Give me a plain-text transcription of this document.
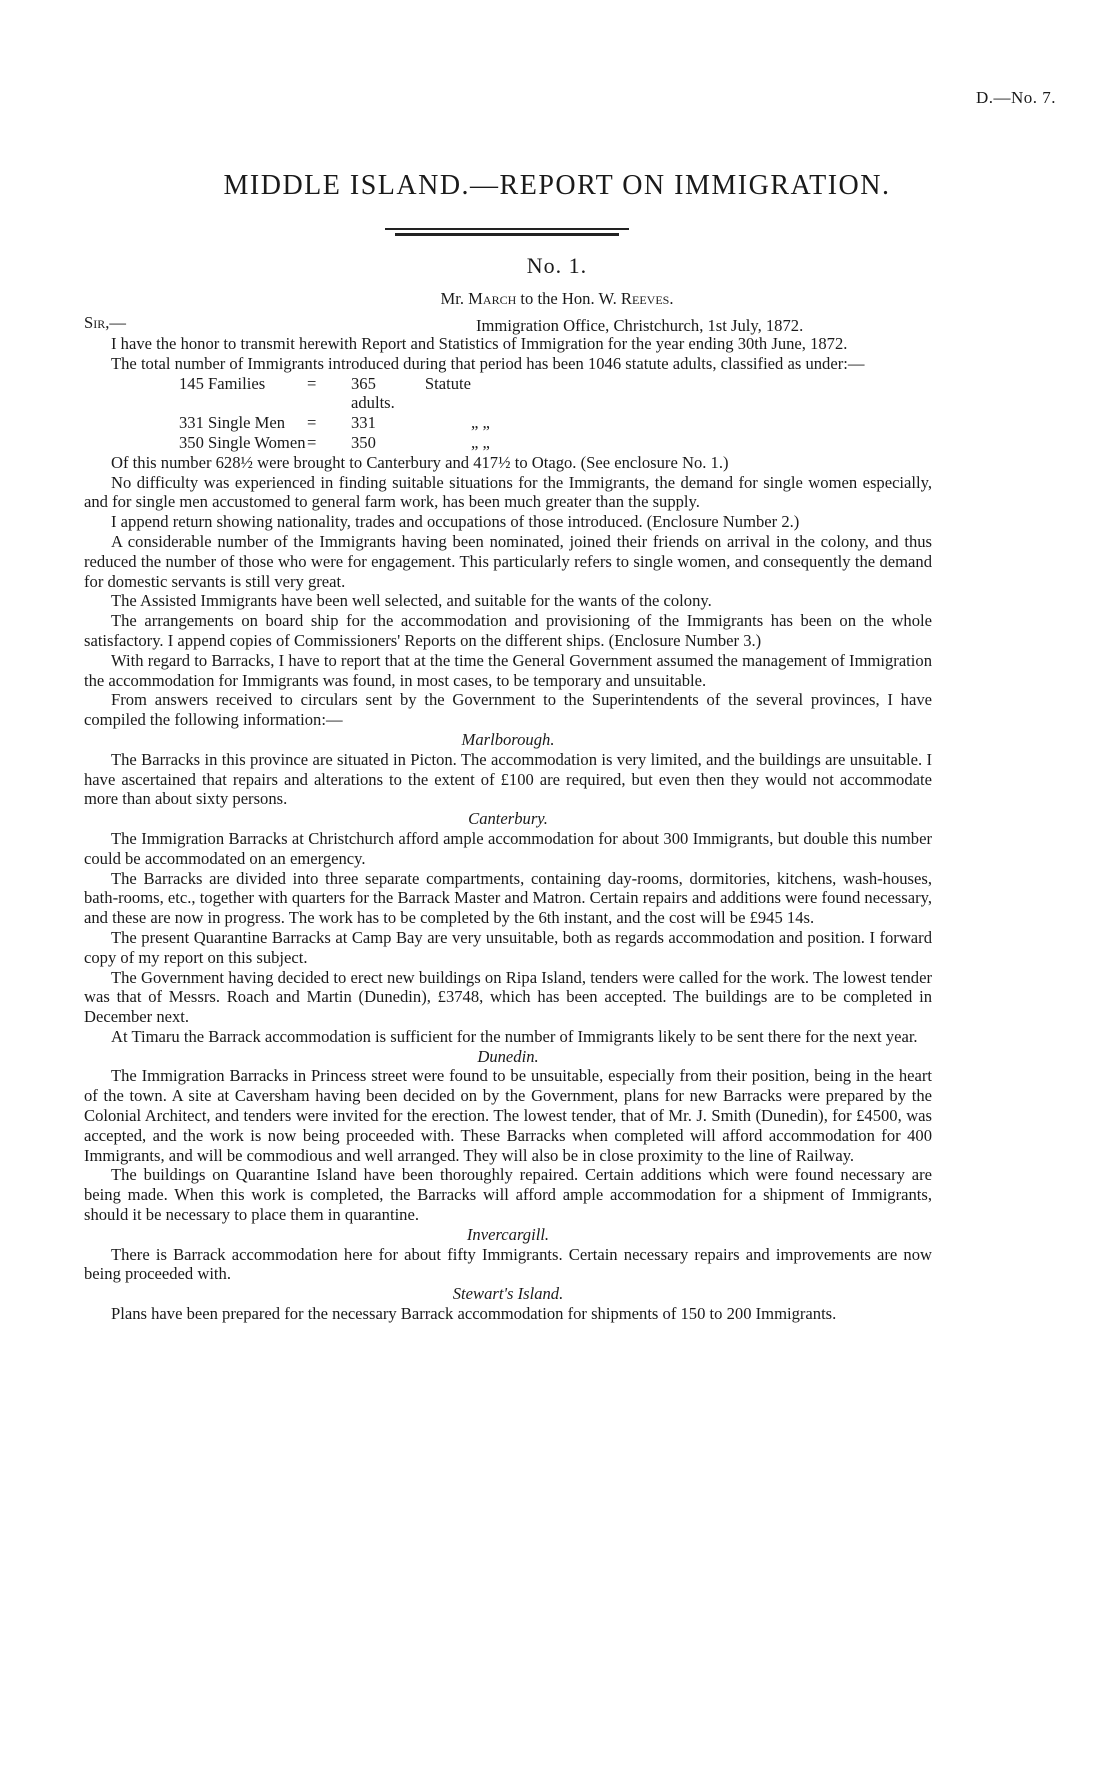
D.—No. 7.
MIDDLE ISLAND.—REPORT ON IMMIGRATION.
No. 1.
Mr. March to the Hon. W. Reeves.
Sir,—	Immigration Office, Christchurch, 1st July, 1872.

I have the honor to transmit herewith Report and Statistics of Immigration for the year ending 30th June, 1872.

The total number of Immigrants introduced during that period has been 1046 statute adults, classified as under:—

145 Families	=	365 Statute adults.	
331 Single Men	=	331	„ „
350 Single Women	=	350	„ „

Of this number 628½ were brought to Canterbury and 417½ to Otago. (See enclosure No. 1.)

No difficulty was experienced in finding suitable situations for the Immigrants, the demand for single women especially, and for single men accustomed to general farm work, has been much greater than the supply.

I append return showing nationality, trades and occupations of those introduced. (Enclosure Number 2.)

A considerable number of the Immigrants having been nominated, joined their friends on arrival in the colony, and thus reduced the number of those who were for engagement. This particularly refers to single women, and consequently the demand for domestic servants is still very great.

The Assisted Immigrants have been well selected, and suitable for the wants of the colony.

The arrangements on board ship for the accommodation and provisioning of the Immigrants has been on the whole satisfactory. I append copies of Commissioners' Reports on the different ships. (Enclosure Number 3.)

With regard to Barracks, I have to report that at the time the General Government assumed the management of Immigration the accommodation for Immigrants was found, in most cases, to be temporary and unsuitable.

From answers received to circulars sent by the Government to the Superintendents of the several provinces, I have compiled the following information:—

Marlborough.

The Barracks in this province are situated in Picton. The accommodation is very limited, and the buildings are unsuitable. I have ascertained that repairs and alterations to the extent of £100 are required, but even then they would not accommodate more than about sixty persons.

Canterbury.

The Immigration Barracks at Christchurch afford ample accommodation for about 300 Immigrants, but double this number could be accommodated on an emergency.

The Barracks are divided into three separate compartments, containing day-rooms, dormitories, kitchens, wash-houses, bath-rooms, etc., together with quarters for the Barrack Master and Matron. Certain repairs and additions were found necessary, and these are now in progress. The work has to be completed by the 6th instant, and the cost will be £945 14s.

The present Quarantine Barracks at Camp Bay are very unsuitable, both as regards accommodation and position. I forward copy of my report on this subject.

The Government having decided to erect new buildings on Ripa Island, tenders were called for the work. The lowest tender was that of Messrs. Roach and Martin (Dunedin), £3748, which has been accepted. The buildings are to be completed in December next.

At Timaru the Barrack accommodation is sufficient for the number of Immigrants likely to be sent there for the next year.

Dunedin.

The Immigration Barracks in Princess street were found to be unsuitable, especially from their position, being in the heart of the town. A site at Caversham having been decided on by the Government, plans for new Barracks were prepared by the Colonial Architect, and tenders were invited for the erection. The lowest tender, that of Mr. J. Smith (Dunedin), for £4500, was accepted, and the work is now being proceeded with. These Barracks when completed will afford accommodation for 400 Immigrants, and will be commodious and well arranged. They will also be in close proximity to the line of Railway.

The buildings on Quarantine Island have been thoroughly repaired. Certain additions which were found necessary are being made. When this work is completed, the Barracks will afford ample accommodation for a shipment of Immigrants, should it be necessary to place them in quarantine.

Invercargill.

There is Barrack accommodation here for about fifty Immigrants. Certain necessary repairs and improvements are now being proceeded with.

Stewart's Island.

Plans have been prepared for the necessary Barrack accommodation for shipments of 150 to 200 Immigrants.
